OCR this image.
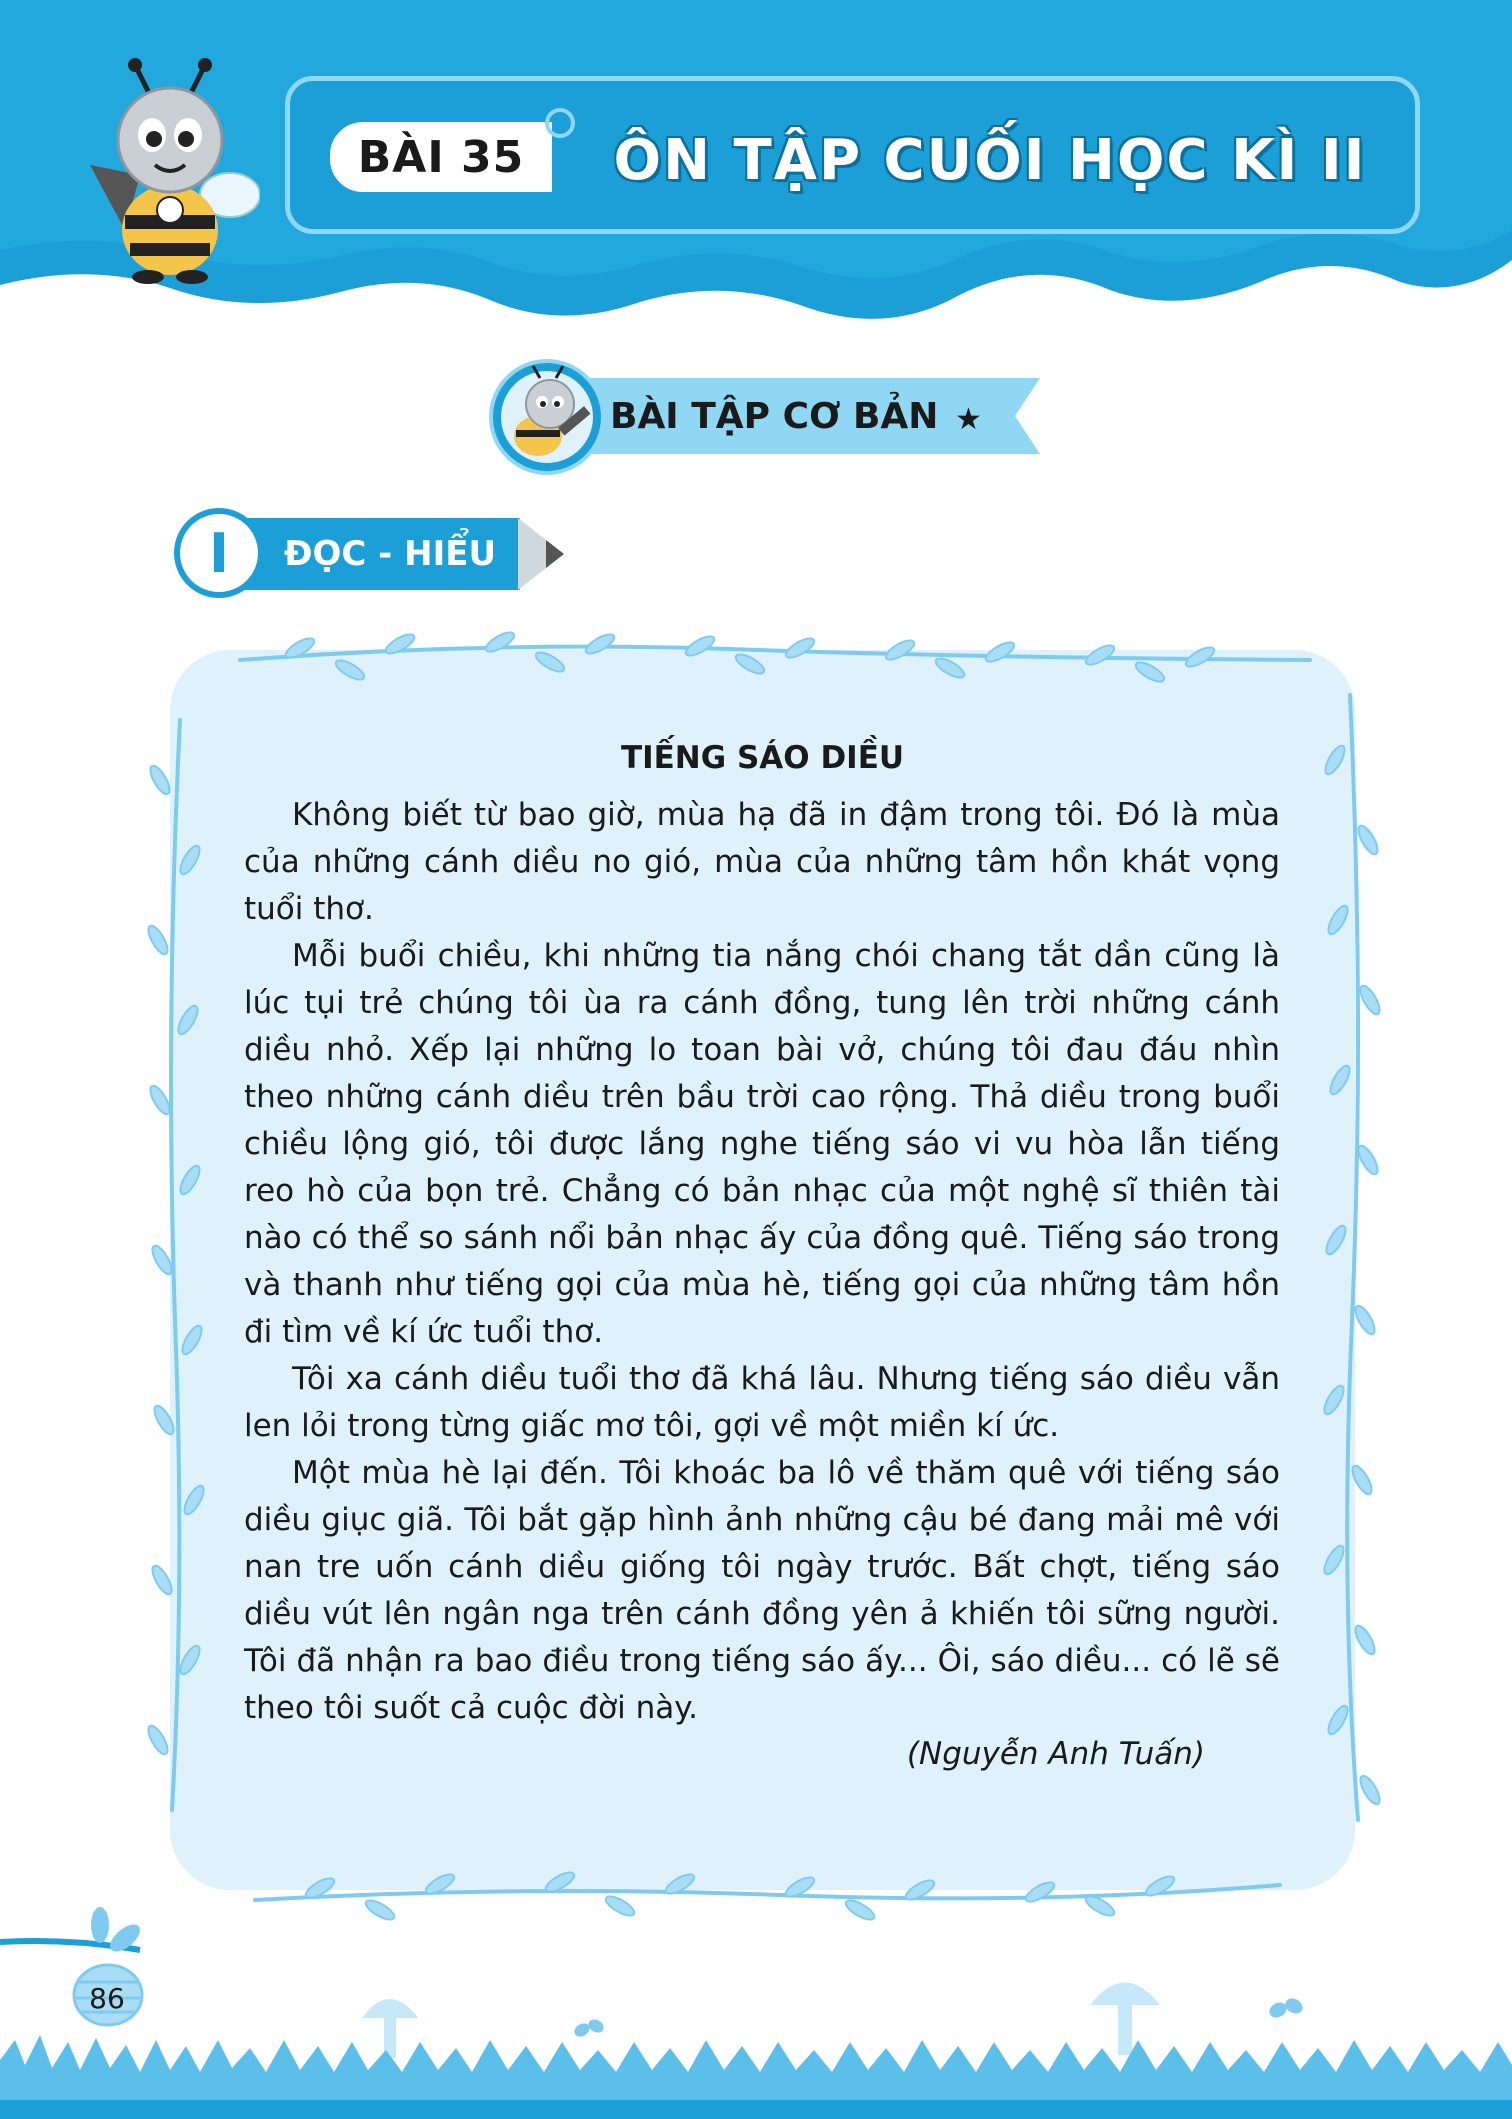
BÀI 35	ÔN TẬP CUỐI HỌC KÌ II
BÀI TẬP CƠ BẢN ★
I	ĐỌC - HIỂU
TIẾNG SÁO DIỀU

Không biết từ bao giờ, mùa hạ đã in đậm trong tôi. Đó là mùa của những cánh diều no gió, mùa của những tâm hồn khát vọng tuổi thơ.

Mỗi buổi chiều, khi những tia nắng chói chang tắt dần cũng là lúc tụi trẻ chúng tôi ùa ra cánh đồng, tung lên trời những cánh diều nhỏ. Xếp lại những lo toan bài vở, chúng tôi đau đáu nhìn theo những cánh diều trên bầu trời cao rộng. Thả diều trong buổi chiều lộng gió, tôi được lắng nghe tiếng sáo vi vu hòa lẫn tiếng reo hò của bọn trẻ. Chẳng có bản nhạc của một nghệ sĩ thiên tài nào có thể so sánh nổi bản nhạc ấy của đồng quê. Tiếng sáo trong và thanh như tiếng gọi của mùa hè, tiếng gọi của những tâm hồn đi tìm về kí ức tuổi thơ.

Tôi xa cánh diều tuổi thơ đã khá lâu. Nhưng tiếng sáo diều vẫn len lỏi trong từng giấc mơ tôi, gợi về một miền kí ức.

Một mùa hè lại đến. Tôi khoác ba lô về thăm quê với tiếng sáo diều giục giã. Tôi bắt gặp hình ảnh những cậu bé đang mải mê với nan tre uốn cánh diều giống tôi ngày trước. Bất chợt, tiếng sáo diều vút lên ngân nga trên cánh đồng yên ả khiến tôi sững người. Tôi đã nhận ra bao điều trong tiếng sáo ấy... Ôi, sáo diều... có lẽ sẽ theo tôi suốt cả cuộc đời này.

(Nguyễn Anh Tuấn)
86
